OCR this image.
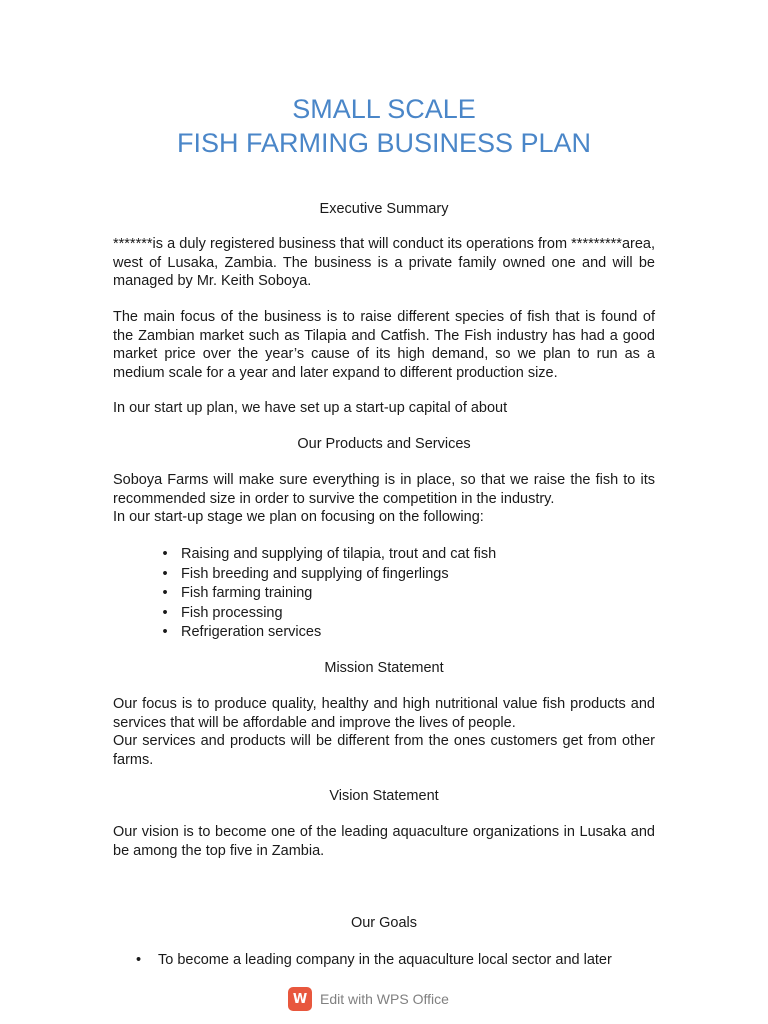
SMALL SCALE
FISH FARMING BUSINESS PLAN
Executive Summary

*******is a duly registered business that will conduct its operations from *********area, west of Lusaka, Zambia. The business is a private family owned one and will be managed by Mr. Keith Soboya.

The main focus of the business is to raise different species of fish that is found of the Zambian market such as Tilapia and Catfish. The Fish industry has had a good market price over the year’s cause of its high demand, so we plan to run as a medium scale for a year and later expand to different production size.

In our start up plan, we have set up a start-up capital of about

Our Products and Services

Soboya Farms will make sure everything is in place, so that we raise the fish to its recommended size in order to survive the competition in the industry.

In our start-up stage we plan on focusing on the following:

• Raising and supplying of tilapia, trout and cat fish
• Fish breeding and supplying of fingerlings
• Fish farming training
• Fish processing
• Refrigeration services
Mission Statement

Our focus is to produce quality, healthy and high nutritional value fish products and services that will be affordable and improve the lives of people.

Our services and products will be different from the ones customers get from other farms.

Vision Statement

Our vision is to become one of the leading aquaculture organizations in Lusaka and be among the top five in Zambia.

Our Goals
• To become a leading company in the aquaculture local sector and later
W Edit with WPS Office
